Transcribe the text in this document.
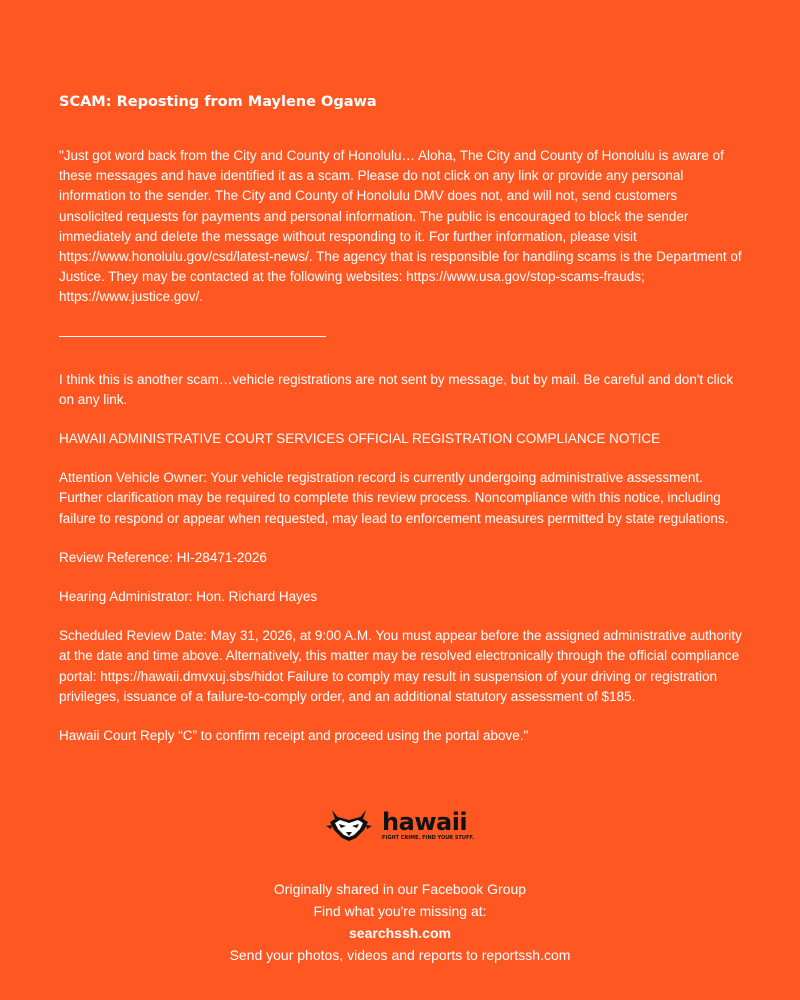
SCAM: Reposting from Maylene Ogawa

"Just got word back from the City and County of Honolulu… Aloha, The City and County of Honolulu is aware of these messages and have identified it as a scam. Please do not click on any link or provide any personal information to the sender. The City and County of Honolulu DMV does not, and will not, send customers unsolicited requests for payments and personal information. The public is encouraged to block the sender immediately and delete the message without responding to it. For further information, please visit https://www.honolulu.gov/csd/latest-news/. The agency that is responsible for handling scams is the Department of Justice. They may be contacted at the following websites: https://www.usa.gov/stop-scams-frauds; https://www.justice.gov/.

I think this is another scam…vehicle registrations are not sent by message, but by mail. Be careful and don't click on any link.

HAWAII ADMINISTRATIVE COURT SERVICES OFFICIAL REGISTRATION COMPLIANCE NOTICE

Attention Vehicle Owner: Your vehicle registration record is currently undergoing administrative assessment. Further clarification may be required to complete this review process. Noncompliance with this notice, including failure to respond or appear when requested, may lead to enforcement measures permitted by state regulations.

Review Reference: HI-28471-2026

Hearing Administrator: Hon. Richard Hayes

Scheduled Review Date: May 31, 2026, at 9:00 A.M. You must appear before the assigned administrative authority at the date and time above. Alternatively, this matter may be resolved electronically through the official compliance portal: https://hawaii.dmvxuj.sbs/hidot Failure to comply may result in suspension of your driving or registration privileges, issuance of a failure-to-comply order, and an additional statutory assessment of $185.

Hawaii Court Reply “C” to confirm receipt and proceed using the portal above."

hawaii
FIGHT CRIME. FIND YOUR STUFF.
Originally shared in our Facebook Group
Find what you're missing at:
searchssh.com
Send your photos, videos and reports to reportssh.com
